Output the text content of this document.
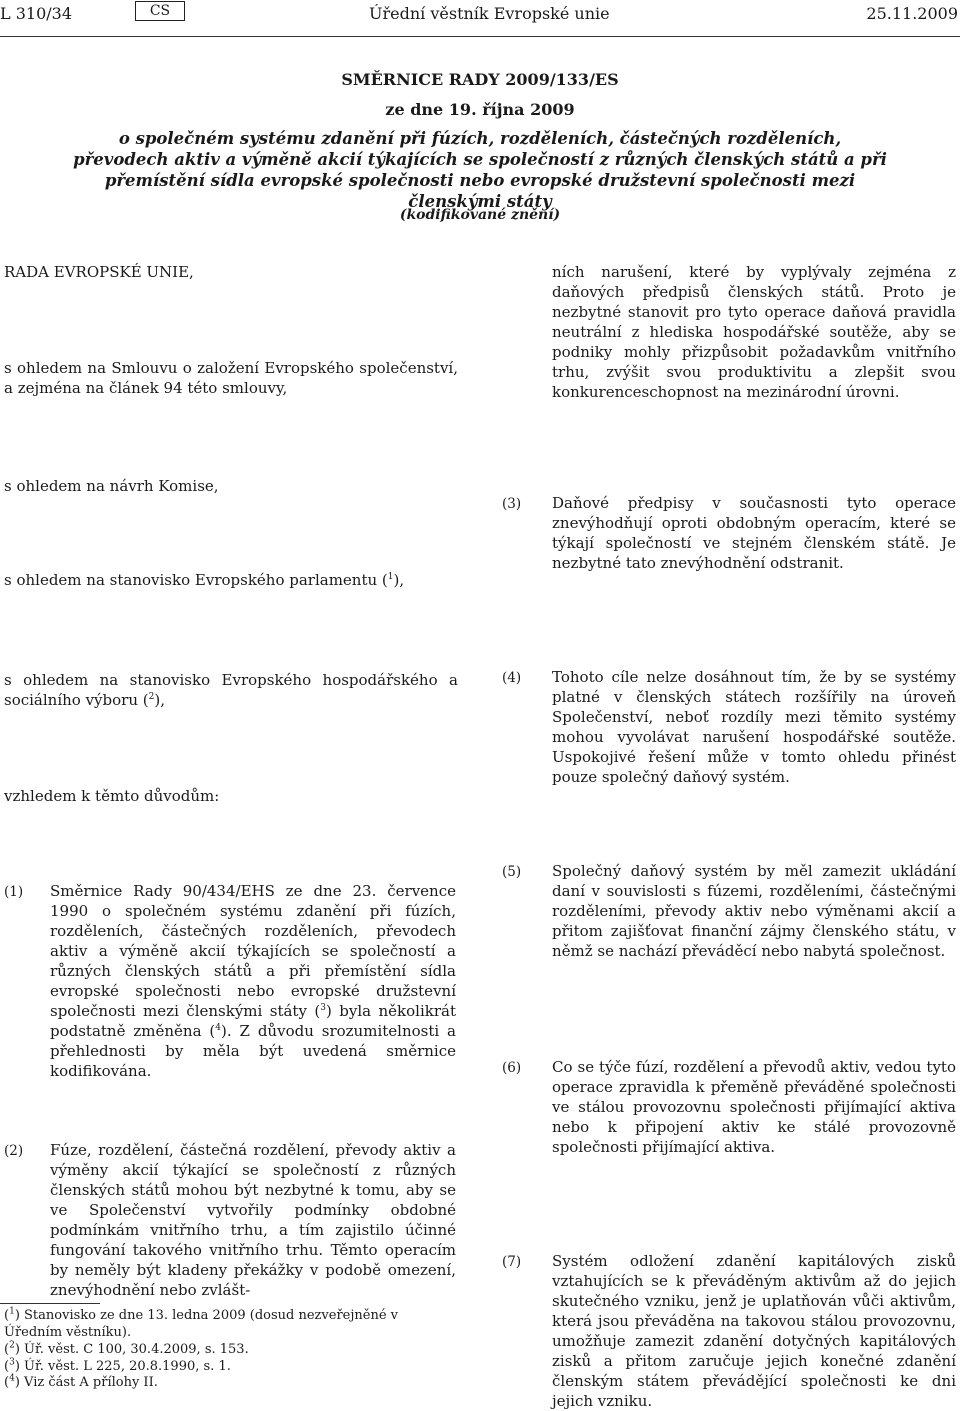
L 310/34	CS	Úřední věstník Evropské unie	25.11.2009
SMĚRNICE RADY 2009/133/ES
ze dne 19. října 2009
o společném systému zdanění při fúzích, rozděleních, částečných rozděleních, převodech aktiv a výměně akcií týkajících se společností z různých členských států a při přemístění sídla evropské společnosti nebo evropské družstevní společnosti mezi členskými státy
(kodifikované znění)
RADA EVROPSKÉ UNIE,
s ohledem na Smlouvu o založení Evropského společenství, a zejména na článek 94 této smlouvy,
s ohledem na návrh Komise,
s ohledem na stanovisko Evropského parlamentu ($^1$),
s ohledem na stanovisko Evropského hospodářského a sociálního výboru ($^2$),
vzhledem k těmto důvodům:
(1) Směrnice Rady 90/434/EHS ze dne 23. července 1990 o společném systému zdanění při fúzích, rozděleních, částečných rozděleních, převodech aktiv a výměně akcií týkajících se společností a různých členských států a při přemístění sídla evropské společnosti nebo evropské družstevní společnosti mezi členskými státy ($^3$) byla několikrát podstatně změněna ($^4$). Z důvodu srozumitelnosti a přehlednosti by měla být uvedená směrnice kodifikována.
(2) Fúze, rozdělení, částečná rozdělení, převody aktiv a výměny akcií týkající se společností z různých členských států mohou být nezbytné k tomu, aby se ve Společenství vytvořily podmínky obdobné podmínkám vnitřního trhu, a tím zajistilo účinné fungování takového vnitřního trhu. Těmto operacím by neměly být kladeny překážky v podobě omezení, znevýhodnění nebo zvlášt-
($^1$) Stanovisko ze dne 13. ledna 2009 (dosud nezveřejněné v Úředním věstníku).
($^2$) Úř. věst. C 100, 30.4.2009, s. 153.
($^3$) Úř. věst. L 225, 20.8.1990, s. 1.
($^4$) Viz část A přílohy II.
ních narušení, které by vyplývaly zejména z daňových předpisů členských států. Proto je nezbytné stanovit pro tyto operace daňová pravidla neutrální z hlediska hospodářské soutěže, aby se podniky mohly přizpůsobit požadavkům vnitřního trhu, zvýšit svou produktivitu a zlepšit svou konkurenceschopnost na mezinárodní úrovni.
(3) Daňové předpisy v současnosti tyto operace znevýhodňují oproti obdobným operacím, které se týkají společností ve stejném členském státě. Je nezbytné tato znevýhodnění odstranit.
(4) Tohoto cíle nelze dosáhnout tím, že by se systémy platné v členských státech rozšířily na úroveň Společenství, neboť rozdíly mezi těmito systémy mohou vyvolávat narušení hospodářské soutěže. Uspokojivé řešení může v tomto ohledu přinést pouze společný daňový systém.
(5) Společný daňový systém by měl zamezit ukládání daní v souvislosti s fúzemi, rozděleními, částečnými rozděleními, převody aktiv nebo výměnami akcií a přitom zajišťovat finanční zájmy členského státu, v němž se nachází převáděcí nebo nabytá společnost.
(6) Co se týče fúzí, rozdělení a převodů aktiv, vedou tyto operace zpravidla k přeměně převáděné společnosti ve stálou provozovnu společnosti přijímající aktiva nebo k připojení aktiv ke stálé provozovně společnosti přijímající aktiva.
(7) Systém odložení zdanění kapitálových zisků vztahujících se k převáděným aktivům až do jejich skutečného vzniku, jenž je uplatňován vůči aktivům, která jsou převáděna na takovou stálou provozovnu, umožňuje zamezit zdanění dotyčných kapitálových zisků a přitom zaručuje jejich konečné zdanění členským státem převádějící společnosti ke dni jejich vzniku.
